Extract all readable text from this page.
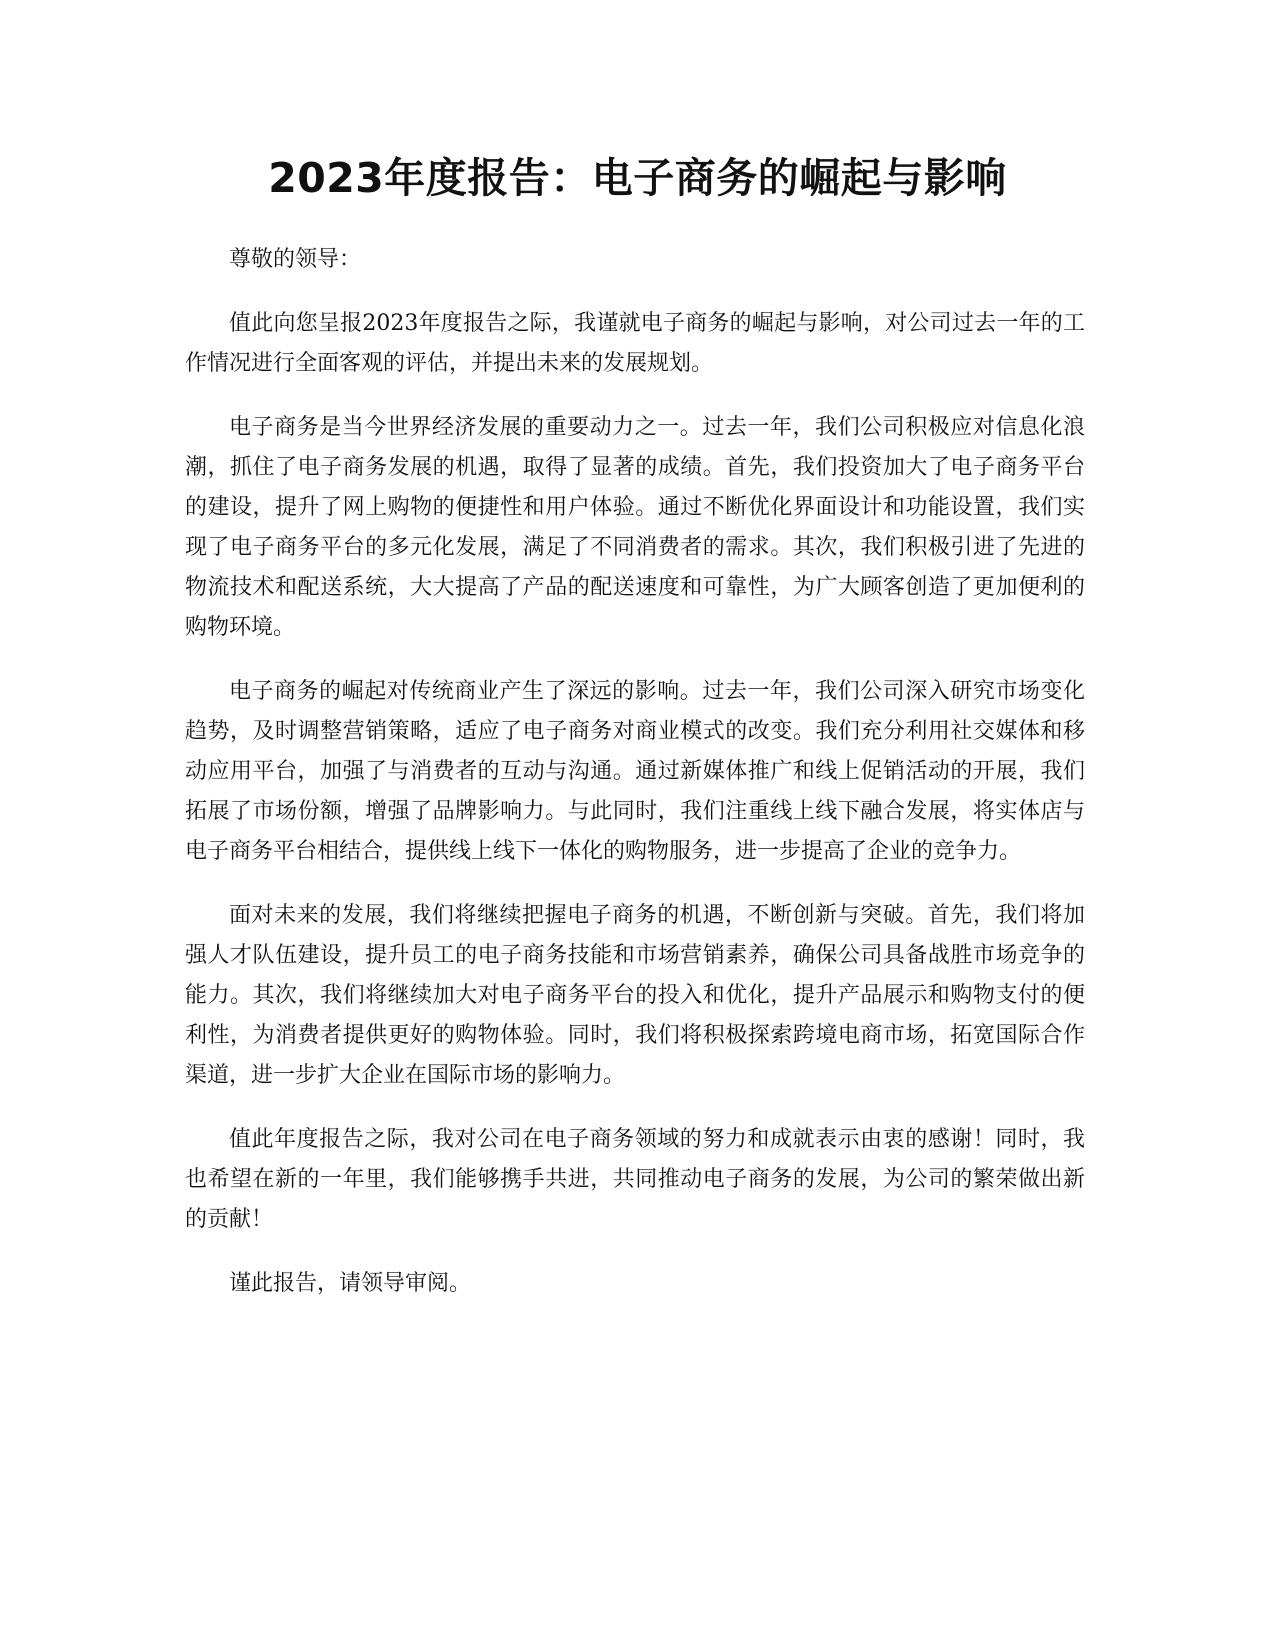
2023年度报告：电子商务的崛起与影响

尊敬的领导：

值此向您呈报2023年度报告之际，我谨就电子商务的崛起与影响，对公司过去一年的工作情况进行全面客观的评估，并提出未来的发展规划。

电子商务是当今世界经济发展的重要动力之一。过去一年，我们公司积极应对信息化浪潮，抓住了电子商务发展的机遇，取得了显著的成绩。首先，我们投资加大了电子商务平台的建设，提升了网上购物的便捷性和用户体验。通过不断优化界面设计和功能设置，我们实现了电子商务平台的多元化发展，满足了不同消费者的需求。其次，我们积极引进了先进的物流技术和配送系统，大大提高了产品的配送速度和可靠性，为广大顾客创造了更加便利的购物环境。

电子商务的崛起对传统商业产生了深远的影响。过去一年，我们公司深入研究市场变化趋势，及时调整营销策略，适应了电子商务对商业模式的改变。我们充分利用社交媒体和移动应用平台，加强了与消费者的互动与沟通。通过新媒体推广和线上促销活动的开展，我们拓展了市场份额，增强了品牌影响力。与此同时，我们注重线上线下融合发展，将实体店与电子商务平台相结合，提供线上线下一体化的购物服务，进一步提高了企业的竞争力。

面对未来的发展，我们将继续把握电子商务的机遇，不断创新与突破。首先，我们将加强人才队伍建设，提升员工的电子商务技能和市场营销素养，确保公司具备战胜市场竞争的能力。其次，我们将继续加大对电子商务平台的投入和优化，提升产品展示和购物支付的便利性，为消费者提供更好的购物体验。同时，我们将积极探索跨境电商市场，拓宽国际合作渠道，进一步扩大企业在国际市场的影响力。

值此年度报告之际，我对公司在电子商务领域的努力和成就表示由衷的感谢！同时，我也希望在新的一年里，我们能够携手共进，共同推动电子商务的发展，为公司的繁荣做出新的贡献！

谨此报告，请领导审阅。
